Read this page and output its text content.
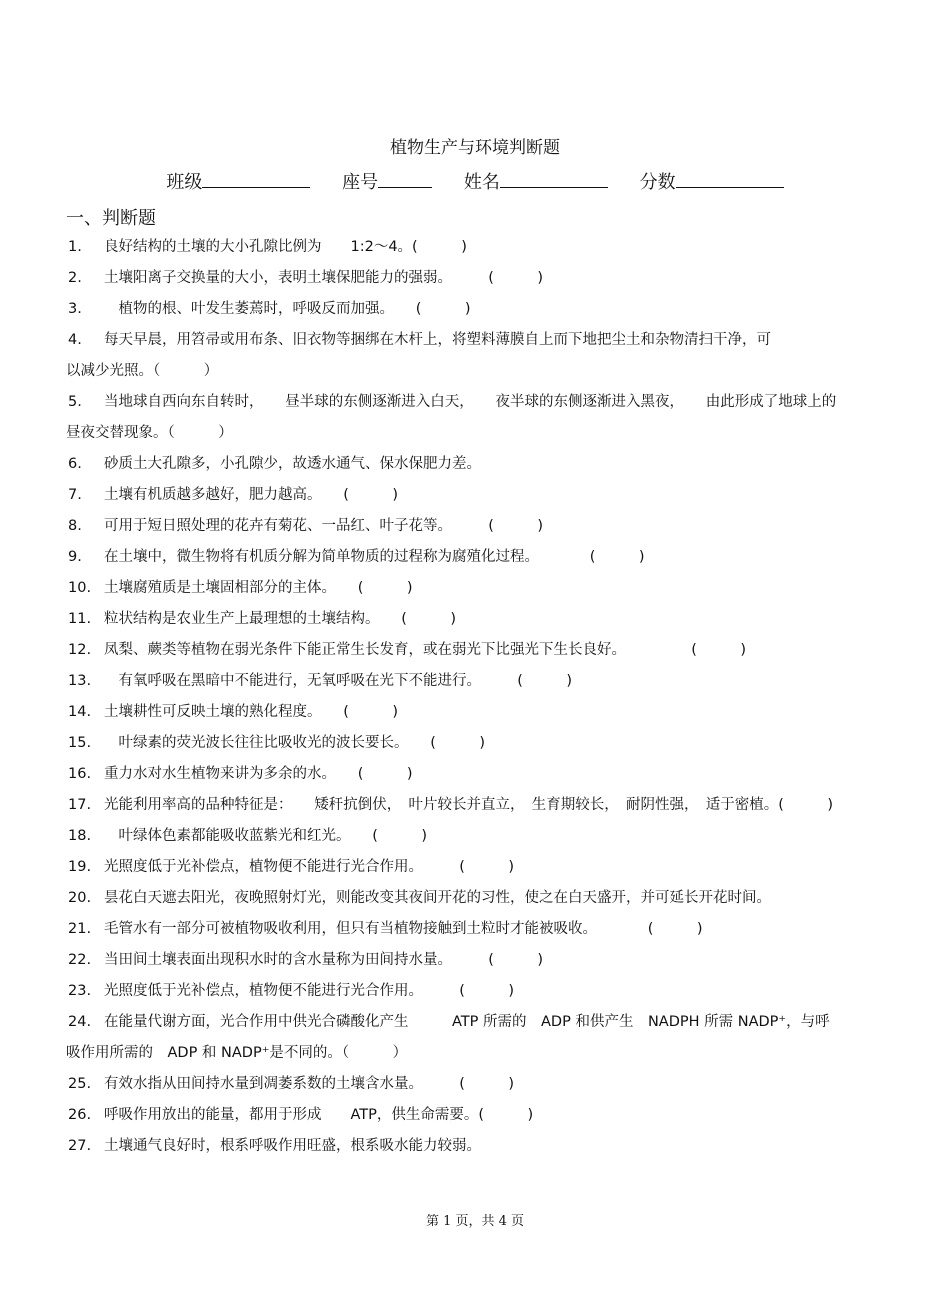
植物生产与环境判断题
班级	座号	姓名	分数
一、判断题
1. 良好结构的土壤的大小孔隙比例为　　1:2～4。(　　　)
2. 土壤阳离子交换量的大小，表明土壤保肥能力的强弱。　　　(　　　)
3.　植物的根、叶发生萎蔫时，呼吸反而加强。　　(　　　)
4. 每天早晨，用笤帚或用布条、旧衣物等捆绑在木杆上，将塑料薄膜自上而下地把尘土和杂物清扫干净，可
以减少光照。（　　　）
5. 当地球自西向东自转时，　　昼半球的东侧逐渐进入白天，　　夜半球的东侧逐渐进入黑夜，　　由此形成了地球上的
昼夜交替现象。（　　　）
6. 砂质土大孔隙多，小孔隙少，故透水通气、保水保肥力差。
7. 土壤有机质越多越好，肥力越高。　　(　　　)
8. 可用于短日照处理的花卉有菊花、一品红、叶子花等。　　　(　　　)
9. 在土壤中，微生物将有机质分解为简单物质的过程称为腐殖化过程。　　　　(　　　)
10. 土壤腐殖质是土壤固相部分的主体。　　(　　　)
11. 粒状结构是农业生产上最理想的土壤结构。　　(　　　)
12. 凤梨、蕨类等植物在弱光条件下能正常生长发育，或在弱光下比强光下生长良好。　　　　　(　　　)
13.　有氧呼吸在黑暗中不能进行，无氧呼吸在光下不能进行。　　　(　　　)
14. 土壤耕性可反映土壤的熟化程度。　　(　　　)
15.　叶绿素的荧光波长往往比吸收光的波长要长。　　(　　　)
16. 重力水对水生植物来讲为多余的水。　　(　　　)
17. 光能利用率高的品种特征是：　　矮秆抗倒伏，　叶片较长并直立，　生育期较长，　耐阴性强，　适于密植。(　　　)
18.　叶绿体色素都能吸收蓝紫光和红光。　　(　　　)
19. 光照度低于光补偿点，植物便不能进行光合作用。　　　(　　　)
20. 昙花白天遮去阳光，夜晚照射灯光，则能改变其夜间开花的习性，使之在白天盛开，并可延长开花时间。
21. 毛管水有一部分可被植物吸收利用，但只有当植物接触到土粒时才能被吸收。　　　　(　　　)
22. 当田间土壤表面出现积水时的含水量称为田间持水量。　　　(　　　)
23. 光照度低于光补偿点，植物便不能进行光合作用。　　　(　　　)
24. 在能量代谢方面，光合作用中供光合磷酸化产生　　　ATP 所需的　ADP 和供产生　NADPH 所需 NADP⁺，与呼
吸作用所需的　ADP 和 NADP⁺是不同的。（　　　）
25. 有效水指从田间持水量到凋萎系数的土壤含水量。　　　(　　　)
26. 呼吸作用放出的能量，都用于形成　　ATP，供生命需要。(　　　)
27. 土壤通气良好时，根系呼吸作用旺盛，根系吸水能力较弱。
第 1 页，共 4 页
